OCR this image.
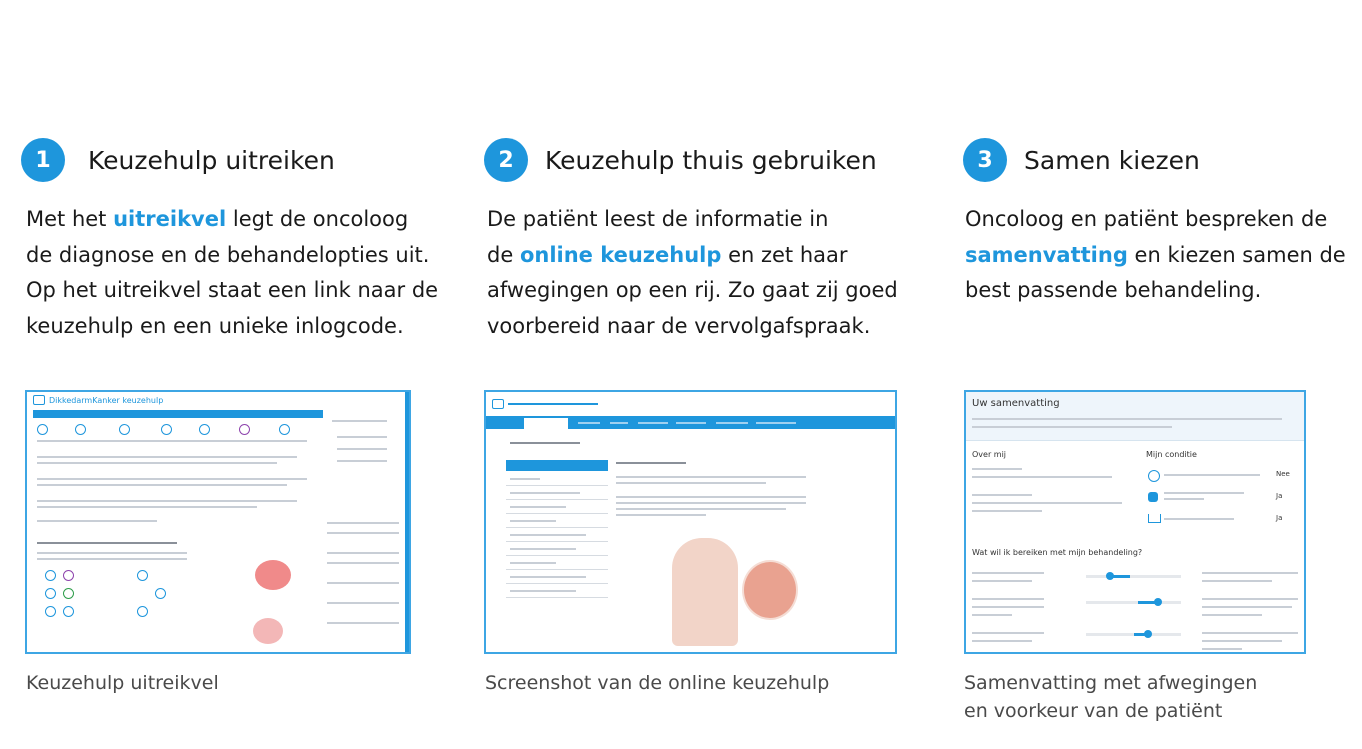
1	Keuzehulp uitreiken
Met het uitreikvel legt de oncoloog
de diagnose en de behandelopties uit.
Op het uitreikvel staat een link naar de
keuzehulp en een unieke inlogcode.
2	Keuzehulp thuis gebruiken
De patiënt leest de informatie in
de online keuzehulp en zet haar
afwegingen op een rij. Zo gaat zij goed
voorbereid naar de vervolgafspraak.
3	Samen kiezen
Oncoloog en patiënt bespreken de
samenvatting en kiezen samen de
best passende behandeling.
DikkedarmKanker keuzehulp	Uw samenvatting
Over mij	Mijn conditie
Nee
Ja
Ja
Wat wil ik bereiken met mijn behandeling?
Keuzehulp uitreikvel	Screenshot van de online keuzehulp	Samenvatting met afwegingen
en voorkeur van de patiënt
